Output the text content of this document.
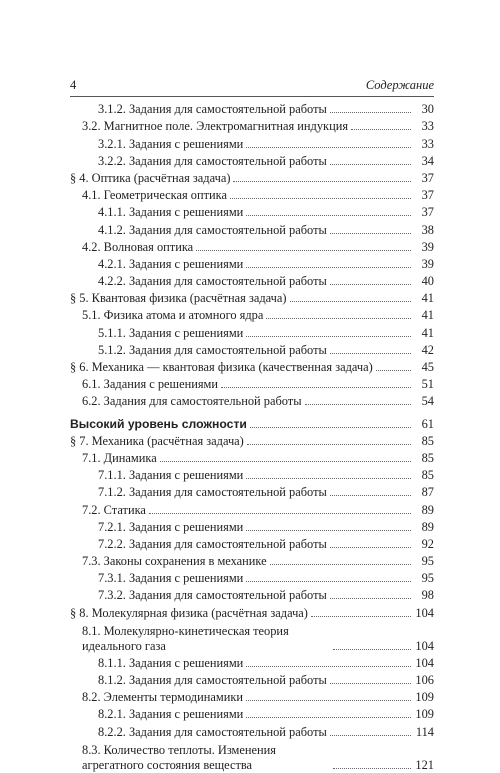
4	Содержание
3.1.2. Задания для самостоятельной работы	30
3.2. Магнитное поле. Электромагнитная индукция	33
3.2.1. Задания с решениями	33
3.2.2. Задания для самостоятельной работы	34
§ 4. Оптика (расчётная задача)	37
4.1. Геометрическая оптика	37
4.1.1. Задания с решениями	37
4.1.2. Задания для самостоятельной работы	38
4.2. Волновая оптика	39
4.2.1. Задания с решениями	39
4.2.2. Задания для самостоятельной работы	40
§ 5. Квантовая физика (расчётная задача)	41
5.1. Физика атома и атомного ядра	41
5.1.1. Задания с решениями	41
5.1.2. Задания для самостоятельной работы	42
§ 6. Механика — квантовая физика (качественная задача)	45
6.1. Задания с решениями	51
6.2. Задания для самостоятельной работы	54
Высокий уровень сложности	61
§ 7. Механика (расчётная задача)	85
7.1. Динамика	85
7.1.1. Задания с решениями	85
7.1.2. Задания для самостоятельной работы	87
7.2. Статика	89
7.2.1. Задания с решениями	89
7.2.2. Задания для самостоятельной работы	92
7.3. Законы сохранения в механике	95
7.3.1. Задания с решениями	95
7.3.2. Задания для самостоятельной работы	98
§ 8. Молекулярная физика (расчётная задача)	104
8.1. Молекулярно-кинетическая теория идеального газа	104
8.1.1. Задания с решениями	104
8.1.2. Задания для самостоятельной работы	106
8.2. Элементы термодинамики	109
8.2.1. Задания с решениями	109
8.2.2. Задания для самостоятельной работы	114
8.3. Количество теплоты. Изменения агрегатного состояния вещества	121
